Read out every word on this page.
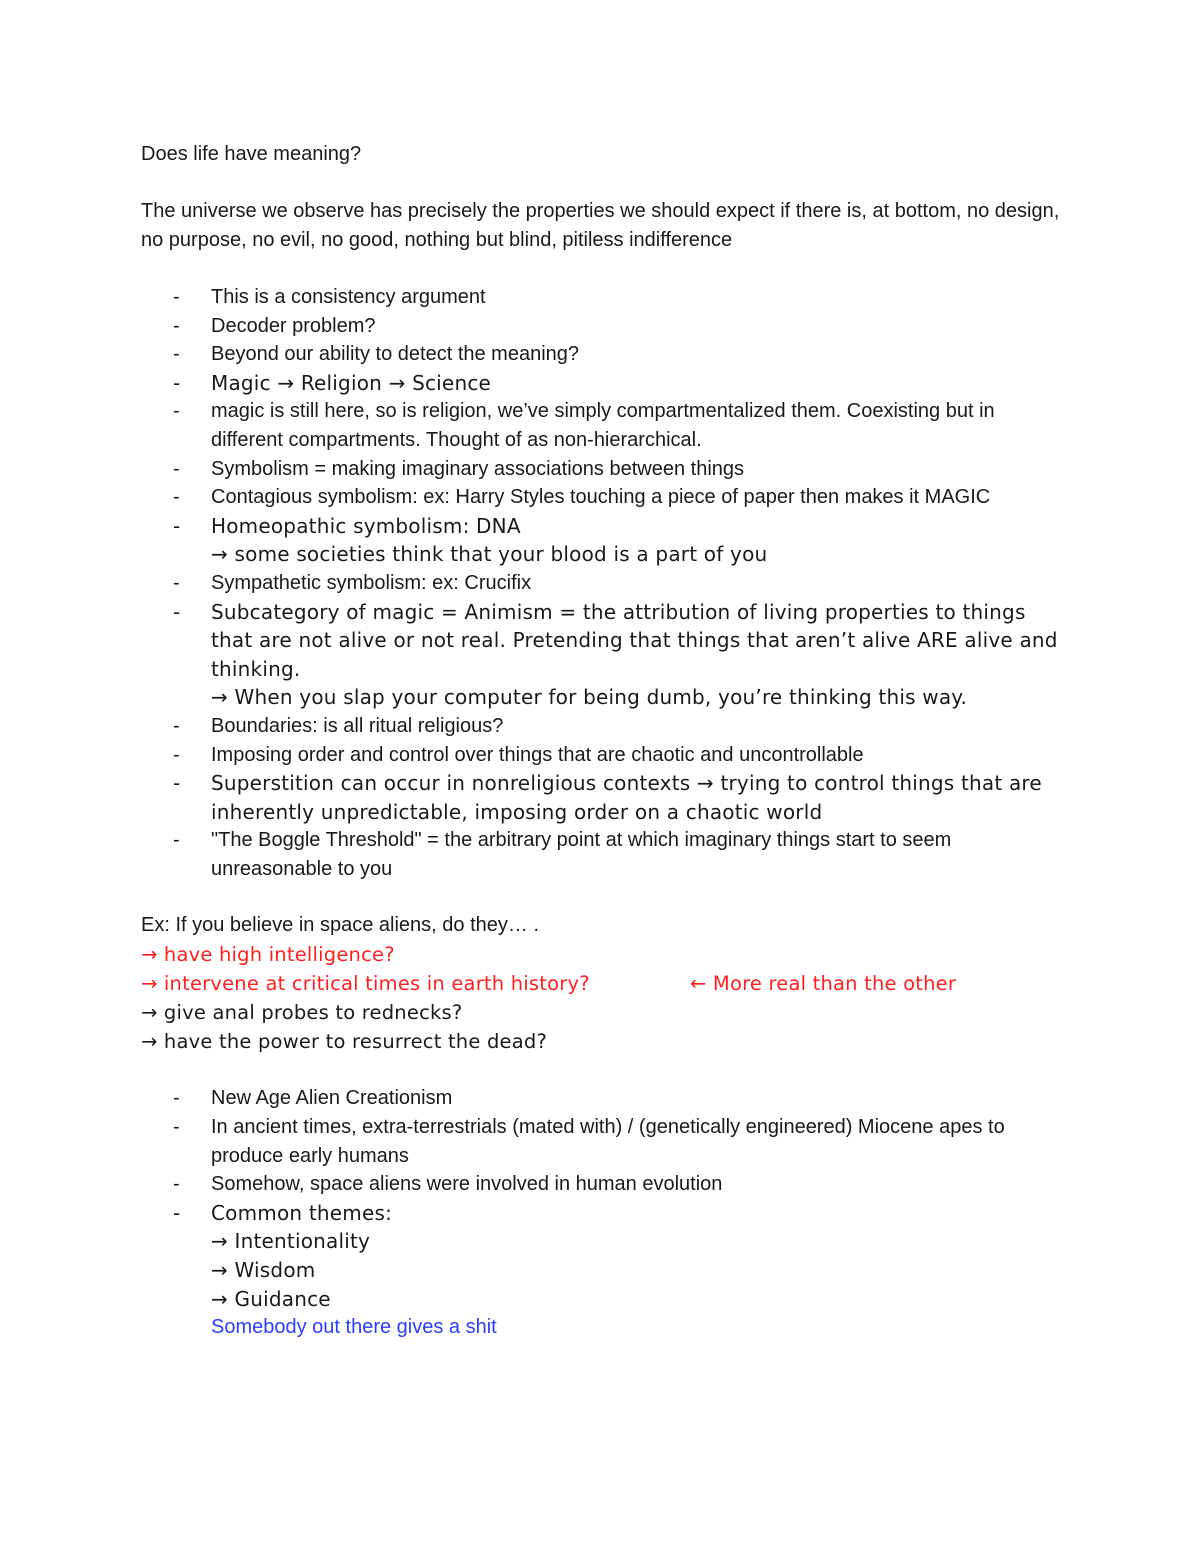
Does life have meaning?

The universe we observe has precisely the properties we should expect if there is, at bottom, no design, no purpose, no evil, no good, nothing but blind, pitiless indifference

- This is a consistency argument
- Decoder problem?
- Beyond our ability to detect the meaning?
- Magic → Religion → Science
- magic is still here, so is religion, we’ve simply compartmentalized them. Coexisting but in different compartments. Thought of as non-hierarchical.
- Symbolism = making imaginary associations between things
- Contagious symbolism: ex: Harry Styles touching a piece of paper then makes it MAGIC
- Homeopathic symbolism: DNA
→ some societies think that your blood is a part of you
- Sympathetic symbolism: ex: Crucifix
- Subcategory of magic = Animism = the attribution of living properties to things that are not alive or not real. Pretending that things that aren’t alive ARE alive and thinking.
→ When you slap your computer for being dumb, you’re thinking this way.
- Boundaries: is all ritual religious?
- Imposing order and control over things that are chaotic and uncontrollable
- Superstition can occur in nonreligious contexts → trying to control things that are inherently unpredictable, imposing order on a chaotic world
- "The Boggle Threshold" = the arbitrary point at which imaginary things start to seem unreasonable to you

Ex: If you believe in space aliens, do they… .

→ have high intelligence?

→ intervene at critical times in earth history?	← More real than the other

→ give anal probes to rednecks?

→ have the power to resurrect the dead?

- New Age Alien Creationism
- In ancient times, extra-terrestrials (mated with) / (genetically engineered) Miocene apes to produce early humans
- Somehow, space aliens were involved in human evolution
- Common themes:
→ Intentionality
→ Wisdom
→ Guidance
Somebody out there gives a shit
